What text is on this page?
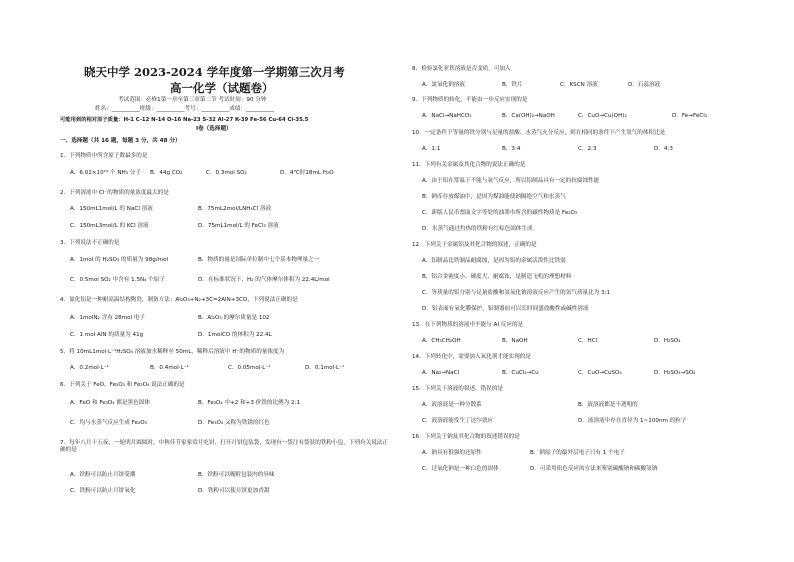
晓天中学 2023-2024 学年度第一学期第三次月考
高一化学（试题卷）
考试范围：必修1第一章至第三章第二节 考试时间：90 分钟
姓名：__________班级：__________考号：__________成绩：__________
可能用到的相对原子质量：H-1 C-12 N-14 O-16 Na-23 S-32 Al-27 K-39 Fe-56 Cu-64 Cl-35.5
Ⅰ卷（选择题）
一、选择题（共 16 题，每题 3 分，共 48 分）
1．下列物质中所含原子数最多的是
A．6.02×10²³ 个 NH₃ 分子 B．44g CO₂	C．0.3mol SO₂	D．4℃时18mL H₂O
2．下列溶液中 Cl⁻的物质的量浓度最大的是
A．150mL1mol/L 的 NaCl 溶液	B．75mL2mol/LNH₄Cl 溶液
C．150mL3mol/L 的 KCl 溶液	D．75mL1mol/L 的 FeCl₃ 溶液
3．下列说法不正确的是
A．1mol 的 H₂SO₄ 的质量为 98g/mol	B．物质的量是国际单位制中七个基本物理量之一
C．0.5mol SO₂ 中含有 1.5Nₐ 个原子	D．在标准状况下，H₂ 的气体摩尔体积为 22.4L/mol
4．氮化铝是一种耐高温结构陶瓷，制备方法：Al₂O₃+N₂+3C=2AlN+3CO，下列说法正确的是
A．1molN₂ 含有 28mol 电子	B．Al₂O₃ 的摩尔质量是 102
C．1 mol AlN 的质量为 41g	D．1molCO 的体积为 22.4L
5．将 10mL1mol·L⁻¹H₂SO₄ 溶液加水稀释至 50mL，稀释后溶液中 H⁺的物质的量浓度为
A．0.2mol·L⁻¹	B．0.4mol·L⁻¹	C．0.05mol·L⁻¹	D．0.1mol·L⁻¹
6．下列关于 FeO、Fe₂O₃ 和 Fe₃O₄ 说法正确的是
A．FeO 和 Fe₃O₄ 都是黑色固体	B．Fe₃O₄ 中+2 和+3 价铁的比例为 2:1
C．均与水蒸气反应生成 Fe₂O₃	D．Fe₃O₄ 又称为铁锈的红色
7．每年八月十五夜，一轮明月圆圆时，中秋佳节家家赏月吃饼，打开月饼包装袋，发现有一袋注有袋装的铁粉小包，下列有关说法正确的是
A．铁粉可以防止月饼受潮	B．铁粉可以吸附包装内的异味
C．铁粉可以防止月饼氧化	D．铁粉可以使月饼更加香甜
8．检验氯化亚铁溶液是否变质，可加入
A．氯氧化钠溶液	B．铁片	C．KSCN 溶液	D．石蕊溶液
9．下列物质的转化，不能由一步反应实现的是
A．NaCl→NaHCO₃	B．Ca(OH)₂→NaOH	C．CuO→Cu(OH)₂	D．Fe→FeCl₃
10．一定条件下等量的铁分别与足量的盐酸、水蒸气充分反应，则在相同的条件下产生氢气的体积比是
A．1:1	B．3:4	C．2:3	D．4:3
11．下列有关金属及其化合物的说法正确的是
A．由于铝在常温下不能与氧气反应，所以铝制品具有一定的抗腐蚀性能
B．钠库存放煤油中，是因为煤油能使钠隔绝空气和水蒸气
C．新版人民币票面文字等处的油墨中所含的磁性物质是 Fe₂O₃
D．水蒸气通过灼热的铁粉有红棕色固体生成
12．下列关于金属铝及其化合物的叙述，正确的是
A．铝制品比铁制品耐腐蚀，是因为铝的金属活泼性比铁弱
B．铝合金密度小、硬度大，耐腐蚀，是制造飞机的理想材料
C．等质量的铝分别与足量盐酸和氢氧化钠溶液反应产生的氢气质量比为 3:1
D．铝表面有氧化膜保护，铝制器皿可以长时间盛放酸性或碱性溶液
13．在下列物质的溶液中不能与 Al 反应的是
A．CH₃CH₂OH	B．NaOH	C．HCl	D．H₂SO₄
14．下列转化中，需要加入氧化剂才能实现的是
A．Na₂→NaCl	B．CuCl₂→Cu	C．CuO→CuSO₄	D．H₂SO₃→SO₂
15．下列关于溶液的叙述，错误的是
A．液溶液是一种分散系	B．液溶液都是不透明的
C．液溶液能发生丁达尔效应	D．液溶液中存在直径为 1~100nm 的粒子
16．下列关于钠及其化合物的叙述错误的是
A．钠具有很强的还原性	B．钠原子的最外层电子只有 1 个电子
C．过氧化钠是一种白色的固体	D．可采用焰色反应的方法来鉴别碳酸钠和碳酸氢钠
